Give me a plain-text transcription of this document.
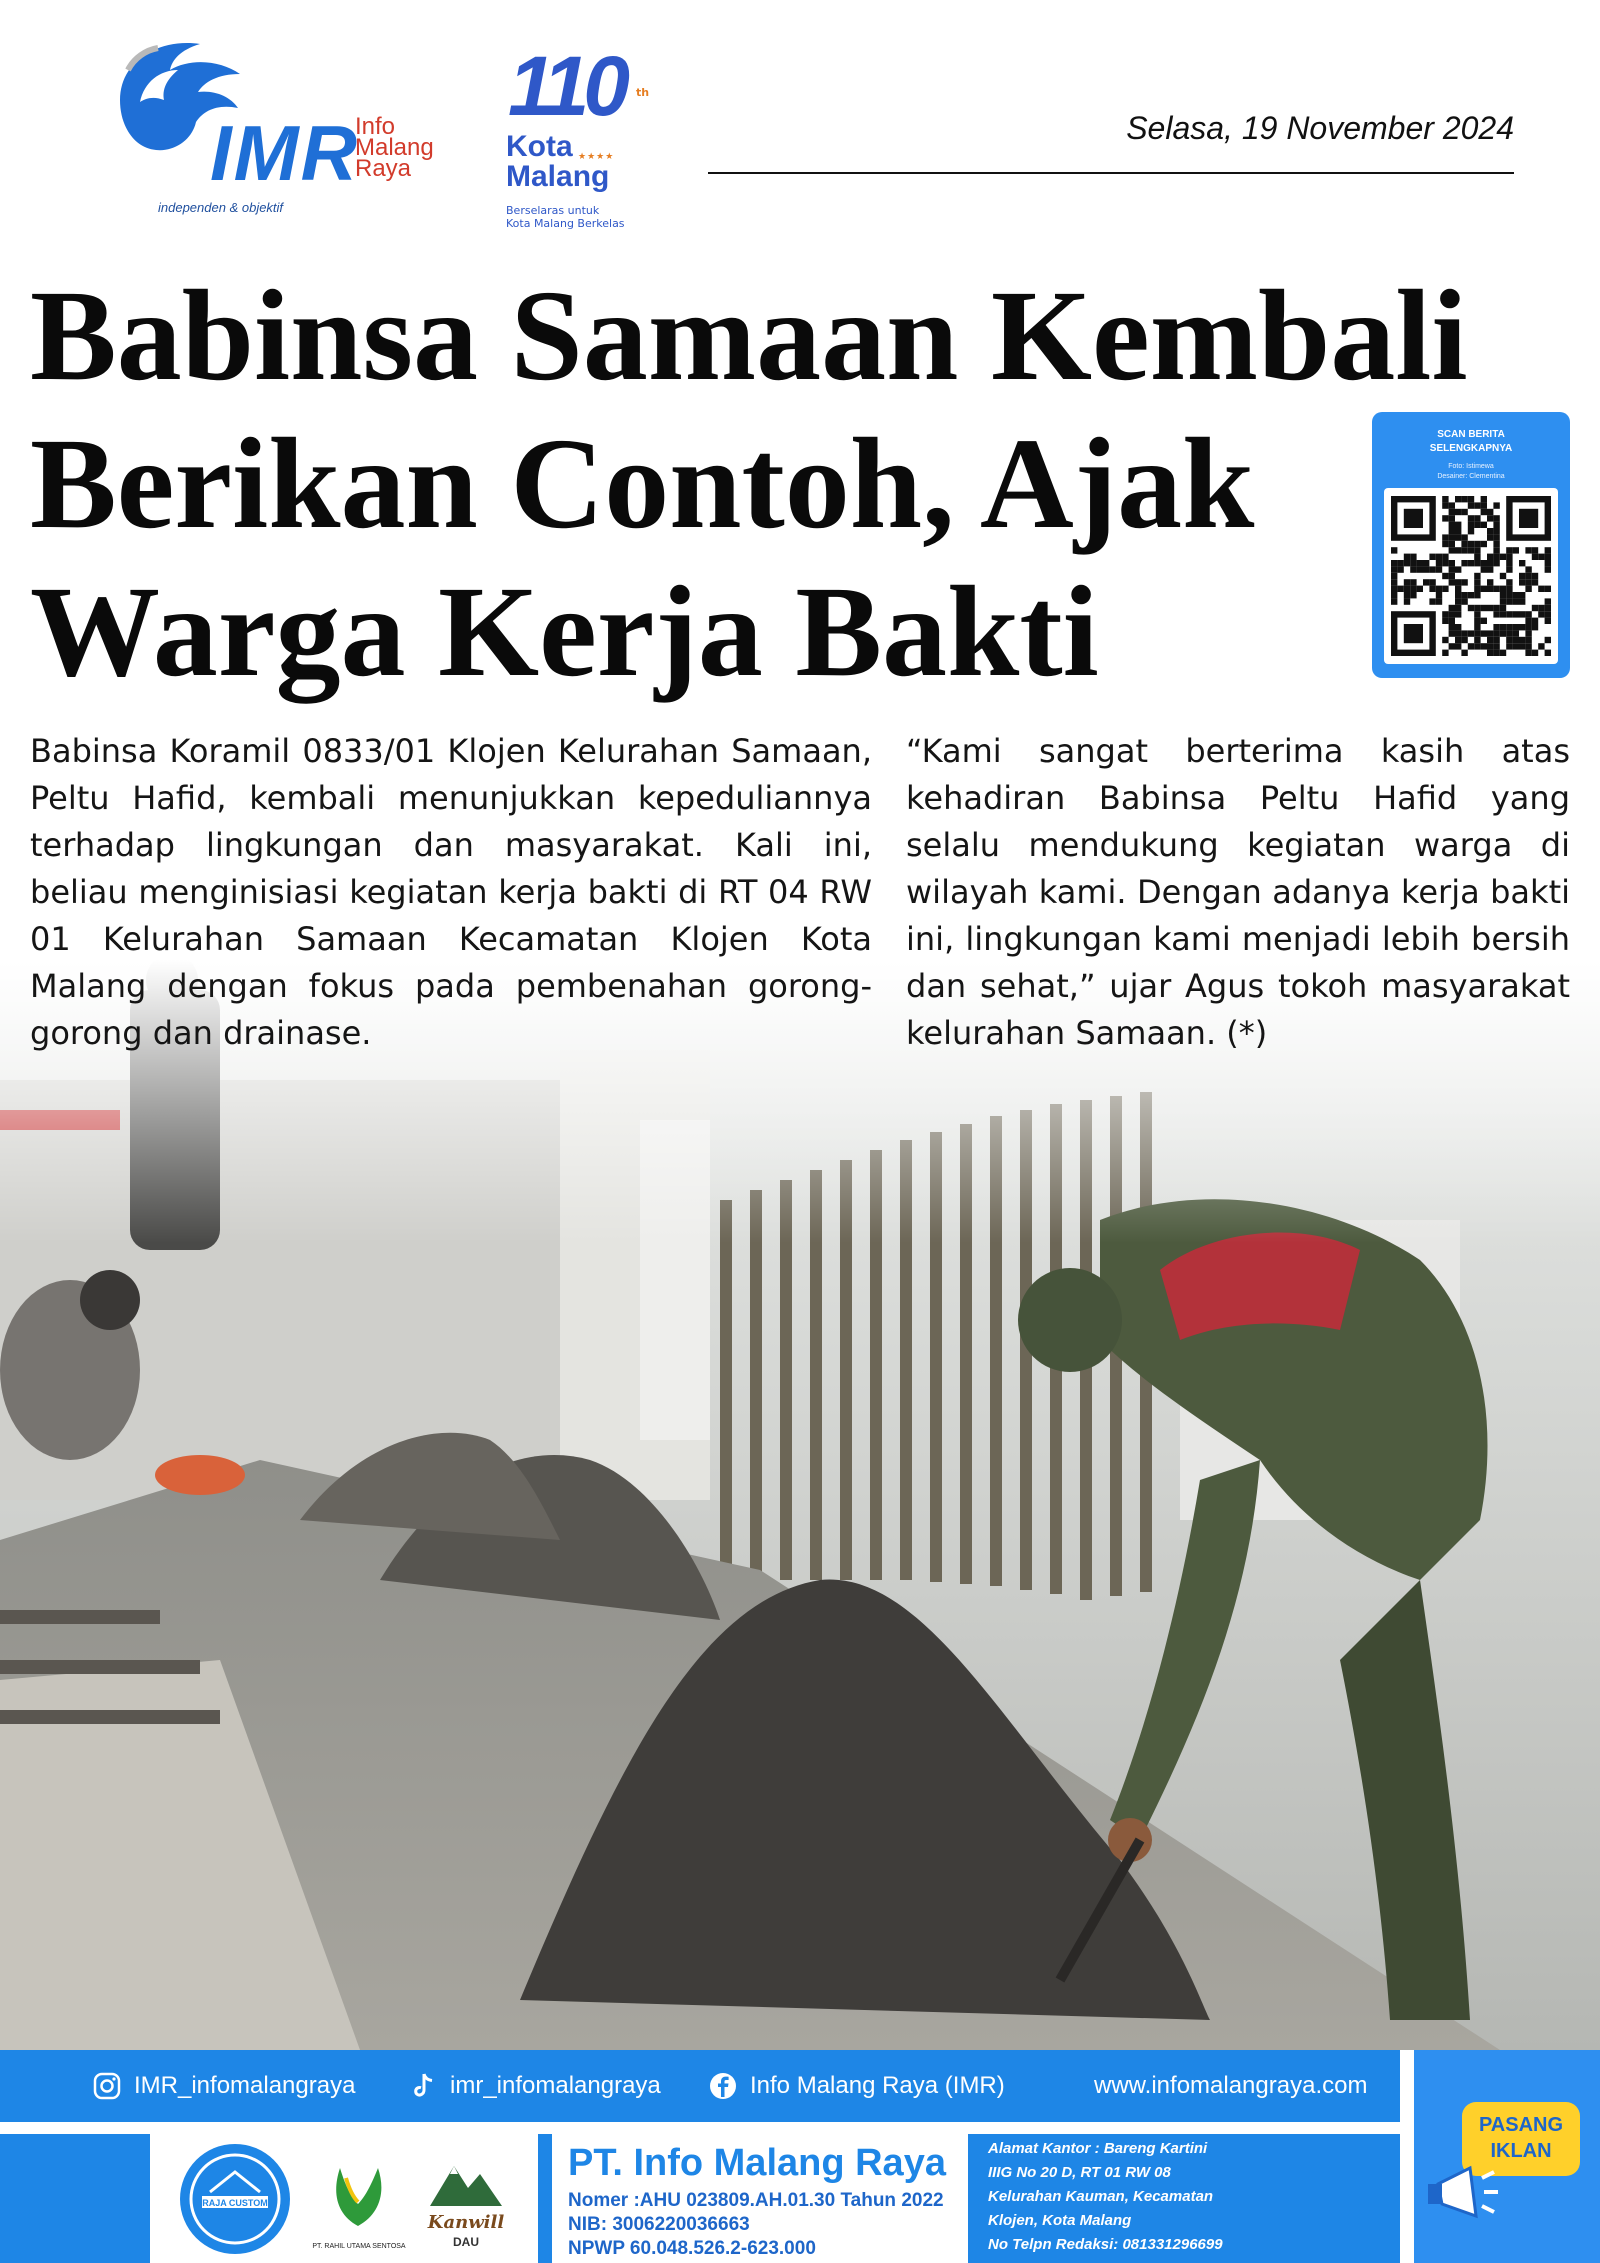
IMR
Info
Malang
Raya
independen & objektif
110 th
Kota
Malang
★★★★
Berselaras untuk
Kota Malang Berkelas
Selasa, 19 November 2024
Babinsa Samaan Kembali
Berikan Contoh, Ajak
Warga Kerja Bakti
SCAN BERITA
SELENGKAPNYA
Foto: Istimewa
Desainer: Clementina

Babinsa Koramil 0833/01 Klojen Kelurahan Samaan, Peltu Hafid, kembali menunjukkan kepeduliannya terhadap lingkungan dan masyarakat. Kali ini, beliau menginisiasi kegiatan kerja bakti di RT 04 RW 01 Kelurahan Samaan Kecamatan Klojen Kota Malang dengan fokus pada pembenahan gorong-gorong dan drainase.

“Kami sangat berterima kasih atas kehadiran Babinsa Peltu Hafid yang selalu mendukung kegiatan warga di wilayah kami. Dengan adanya kerja bakti ini, lingkungan kami menjadi lebih bersih dan sehat,” ujar Agus tokoh masyarakat kelurahan Samaan. (*)

IMR_infomalangraya	imr_infomalangraya	Info Malang Raya (IMR)	www.infomalangraya.com
RAJA CUSTOM
PT. RAHIL UTAMA SENTOSA
Kanwill
DAU
PT. Info Malang Raya
Nomer :AHU 023809.AH.01.30 Tahun 2022
NIB: 3006220036663
NPWP 60.048.526.2-623.000
Alamat Kantor : Bareng Kartini
IIIG No 20 D, RT 01 RW 08
Kelurahan Kauman, Kecamatan
Klojen, Kota Malang
No Telpn Redaksi: 081331296699
PASANG
IKLAN
